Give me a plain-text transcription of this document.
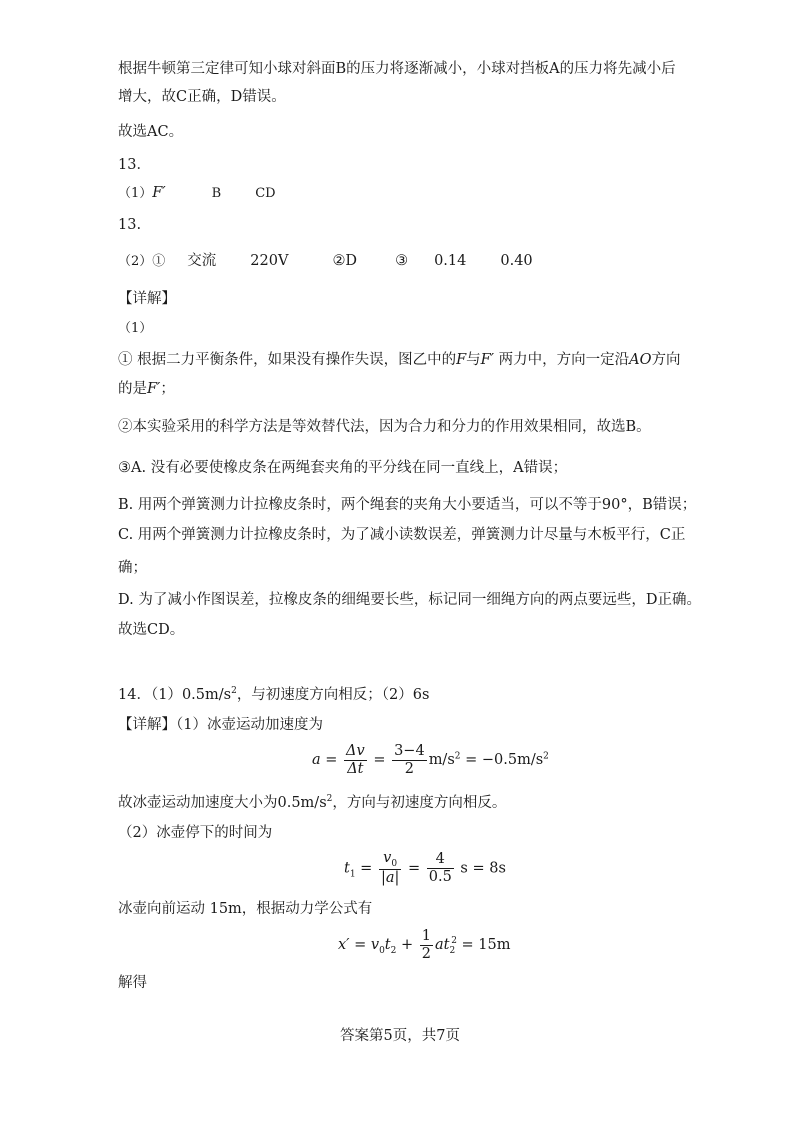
根据牛顿第三定律可知小球对斜面B的压力将逐渐减小，小球对挡板A的压力将先减小后
增大，故C正确，D错误。
故选AC。
13．
（1）F′	B	CD
13.
（2）① 交流 220V	②D	③ 0.14 0.40
【详解】
（1）
① 根据二力平衡条件，如果没有操作失误，图乙中的F与F′ 两力中，方向一定沿AO方向
的是F′；
②本实验采用的科学方法是等效替代法，因为合力和分力的作用效果相同，故选B。
③A. 没有必要使橡皮条在两绳套夹角的平分线在同一直线上，A错误；
B. 用两个弹簧测力计拉橡皮条时，两个绳套的夹角大小要适当，可以不等于90°，B错误；
C. 用两个弹簧测力计拉橡皮条时，为了减小读数误差，弹簧测力计尽量与木板平行，C正
确；
D. 为了减小作图误差，拉橡皮条的细绳要长些，标记同一细绳方向的两点要远些，D正确。
故选CD。
14．$(1)0.5m/s^2$，与初速度方向相反；（2）6s
【详解】（1）冰壶运动加速度为
$a = \frac{\Delta v}{\Delta t} = \frac{3-4}{2} m/s^2 = -0.5m/s^2$
故冰壶运动加速度大小为$0.5m/s^2$，方向与初速度方向相反。
（2）冰壶停下的时间为
$t_1 = \frac{v_0}{|a|} = \frac{4}{0.5}$ s = 8s
冰壶向前运动 15m，根据动力学公式有
$x' = v_0t_2 + \frac{1}{2} at_2^2 = 15m$
解得
答案第5页，共7页
